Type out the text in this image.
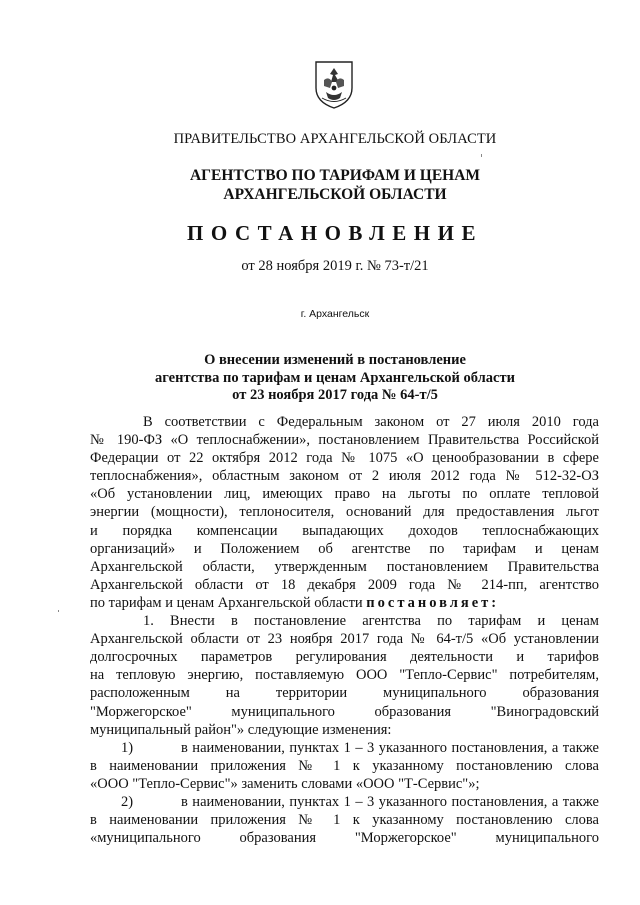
ПРАВИТЕЛЬСТВО АРХАНГЕЛЬСКОЙ ОБЛАСТИ
АГЕНТСТВО ПО ТАРИФАМ И ЦЕНАМ
АРХАНГЕЛЬСКОЙ ОБЛАСТИ
ПОСТАНОВЛЕНИЕ
от 28 ноября 2019 г. № 73-т/21
г. Архангельск
О внесении изменений в постановление
агентства по тарифам и ценам Архангельской области
от 23 ноября 2017 года № 64-т/5

В соответствии с Федеральным законом от 27 июля 2010 года

№ 190-ФЗ «О теплоснабжении», постановлением Правительства Российской

Федерации от 22 октября 2012 года № 1075 «О ценообразовании в сфере

теплоснабжения», областным законом от 2 июля 2012 года № 512-32-ОЗ

«Об установлении лиц, имеющих право на льготы по оплате тепловой

энергии (мощности), теплоносителя, оснований для предоставления льгот

и порядка компенсации выпадающих доходов теплоснабжающих

организаций» и Положением об агентстве по тарифам и ценам

Архангельской области, утвержденным постановлением Правительства

Архангельской области от 18 декабря 2009 года № 214-пп, агентство

по тарифам и ценам Архангельской области постановляет:

1. Внести в постановление агентства по тарифам и ценам

Архангельской области от 23 ноября 2017 года № 64-т/5 «Об установлении

долгосрочных параметров регулирования деятельности и тарифов

на тепловую энергию, поставляемую ООО "Тепло-Сервис" потребителям,

расположенным на территории муниципального образования

"Моржегорское" муниципального образования "Виноградовский

муниципальный район"» следующие изменения:

1)	в наименовании, пунктах 1 – 3 указанного постановления, а также

в наименовании приложения № 1 к указанному постановлению слова

«ООО "Тепло-Сервис"» заменить словами «ООО "Т-Сервис"»;

2)	в наименовании, пунктах 1 – 3 указанного постановления, а также

в наименовании приложения № 1 к указанному постановлению слова

«муниципального образования "Моржегорское" муниципального
